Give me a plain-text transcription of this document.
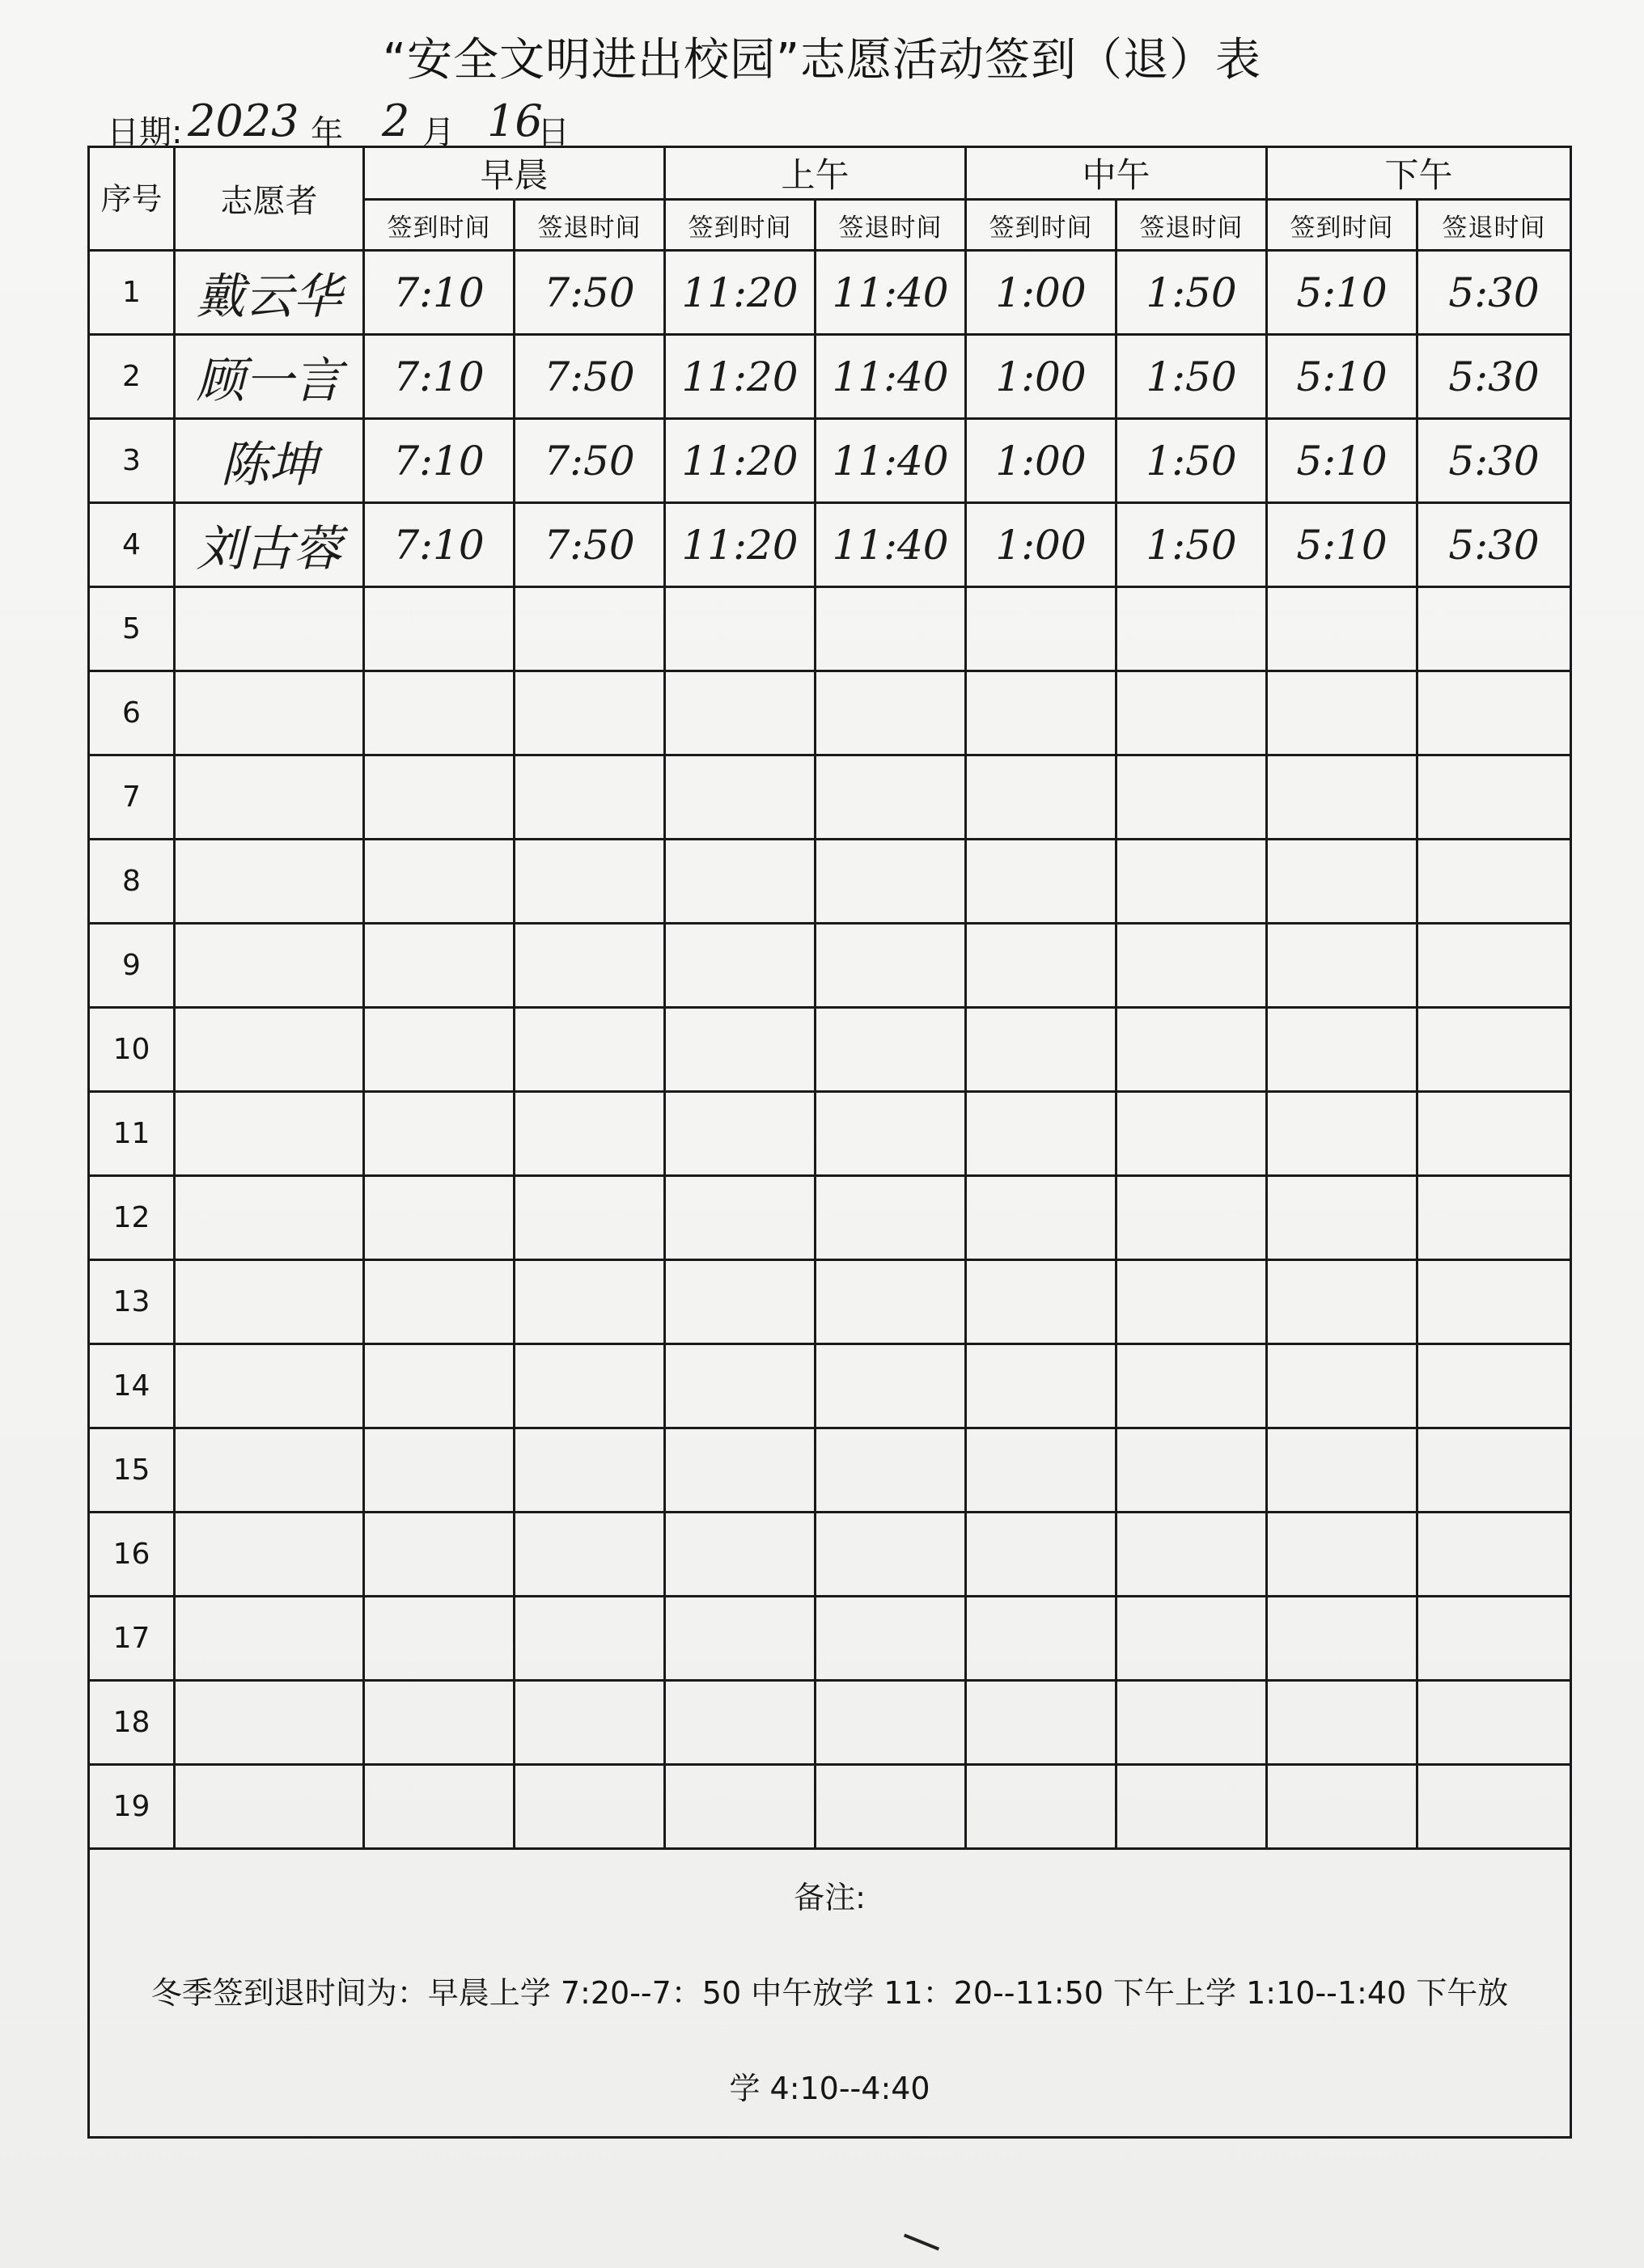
“安全文明进出校园”志愿活动签到（退）表
日期: 2023 年 2 月 16
日
序号	志愿者	早晨		上午		中午		下午	
		签到时间	签退时间	签到时间	签退时间	签到时间	签退时间	签到时间	签退时间
1	戴云华	7:10	7:50	11:20	11:40	1:00	1:50	5:10	5:30
2	顾一言	7:10	7:50	11:20	11:40	1:00	1:50	5:10	5:30
3	陈坤	7:10	7:50	11:20	11:40	1:00	1:50	5:10	5:30
4	刘古蓉	7:10	7:50	11:20	11:40	1:00	1:50	5:10	5:30
5									
6									
7									
8									
9									
10									
11									
12									
13									
14									
15									
16									
17									
18									
19									

备注:
冬季签到退时间为：早晨上学 7:20--7：50 中午放学 11：20--11:50 下午上学 1:10--1:40 下午放
学 4:10--4:40									
